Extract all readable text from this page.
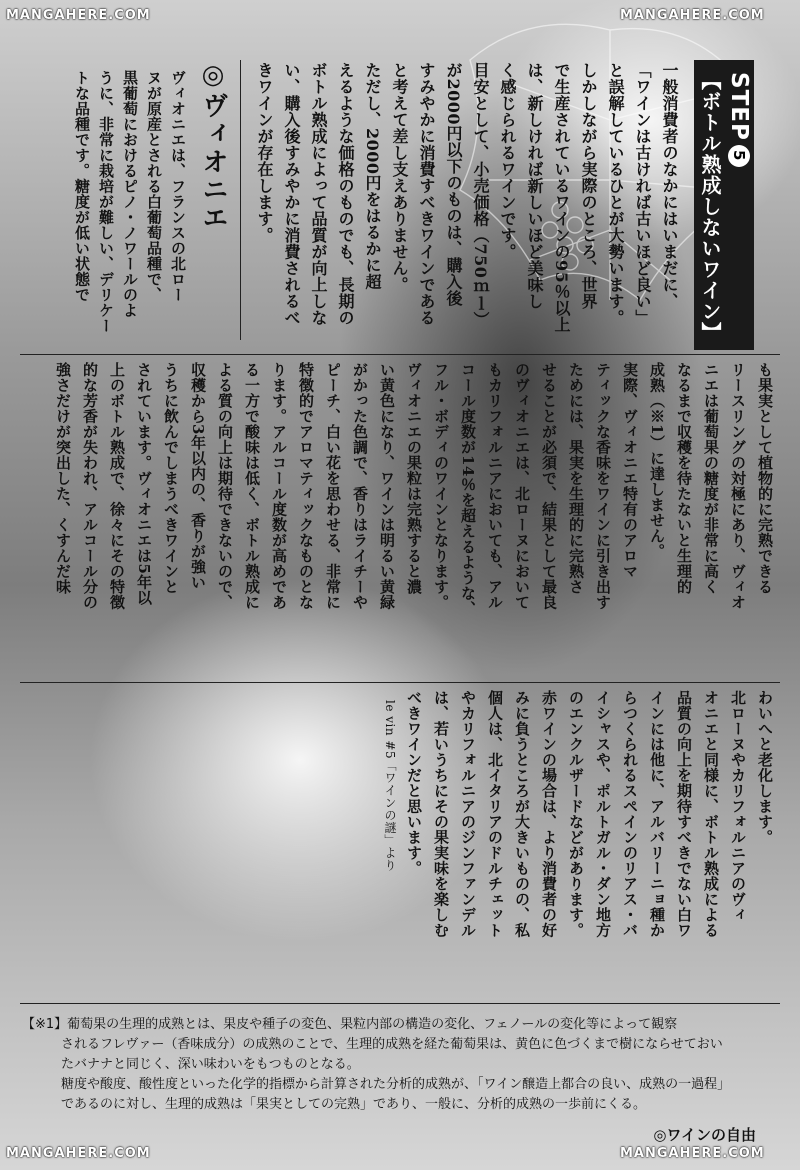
MANGAHERE.COM	MANGAHERE.COM
MANGAHERE.COM	MANGAHERE.COM
STEP5
【ボトル熟成しないワイン】
一般消費者のなかにはいまだに、
「ワインは古ければ古いほど良い」
と誤解しているひとが大勢います。
しかしながら実際のところ、世界
で生産されているワインの95％以上
は、新しければ新しいほど美味し
く感じられるワインです。
目安として、小売価格（750ｍｌ）
が2000円以下のものは、購入後
すみやかに消費すべきワインである
と考えて差し支えありません。
ただし、2000円をはるかに超
えるような価格のものでも、長期の
ボトル熟成によって品質が向上しな
い、購入後すみやかに消費されるべ
きワインが存在します。
◎ヴィオニエ
ヴィオニエは、フランスの北ロー
ヌが原産とされる白葡萄品種で、
黒葡萄におけるピノ・ノワールのよ
うに、非常に栽培が難しい、デリケー
トな品種です。糖度が低い状態で
も果実として植物的に完熟できる
リースリングの対極にあり、ヴィオ
ニエは葡萄果の糖度が非常に高く
なるまで収穫を待たないと生理的
成熟（※1）に達しません。
実際、ヴィオニエ特有のアロマ
ティックな香味をワインに引き出す
ためには、果実を生理的に完熟さ
せることが必須で、結果として最良
のヴィオニエは、北ローヌにおいて
もカリフォルニアにおいても、アル
コール度数が14％を超えるような、
フル・ボディのワインとなります。
ヴィオニエの果粒は完熟すると濃
い黄色になり、ワインは明るい黄緑
がかった色調で、香りはライチーや
ピーチ、白い花を思わせる、非常に
特徴的でアロマティックなものとな
ります。アルコール度数が高めであ
る一方で酸味は低く、ボトル熟成に
よる質の向上は期待できないので、
収穫から3年以内の、香りが強い
うちに飲んでしまうべきワインと
されています。ヴィオニエは5年以
上のボトル熟成で、徐々にその特徴
的な芳香が失われ、アルコール分の
強さだけが突出した、くすんだ味
わいへと老化します。
北ローヌやカリフォルニアのヴィ
オニエと同様に、ボトル熟成による
品質の向上を期待すべきでない白ワ
インには他に、アルバリーニョ種か
らつくられるスペインのリアス・バ
イシャスや、ポルトガル・ダン地方
のエンクルザードなどがあります。
赤ワインの場合は、より消費者の好
みに負うところが大きいものの、私
個人は、北イタリアのドルチェット
やカリフォルニアのジンファンデル
は、若いうちにその果実味を楽しむ
べきワインだと思います。
le vin #5「ワインの謎」より

【※1】葡萄果の生理的成熟とは、果皮や種子の変色、果粒内部の構造の変化、フェノールの変化等によって観察

　　　されるフレヴァー（香味成分）の成熟のことで、生理的成熟を経た葡萄果は、黄色に色づくまで樹にならせておい

　　　たバナナと同じく、深い味わいをもつものとなる。

　　　糖度や酸度、酸性度といった化学的指標から計算された分析的成熟が、「ワイン醸造上都合の良い、成熟の一過程」

　　　であるのに対し、生理的成熟は「果実としての完熟」であり、一般に、分析的成熟の一歩前にくる。

◎ワインの自由
